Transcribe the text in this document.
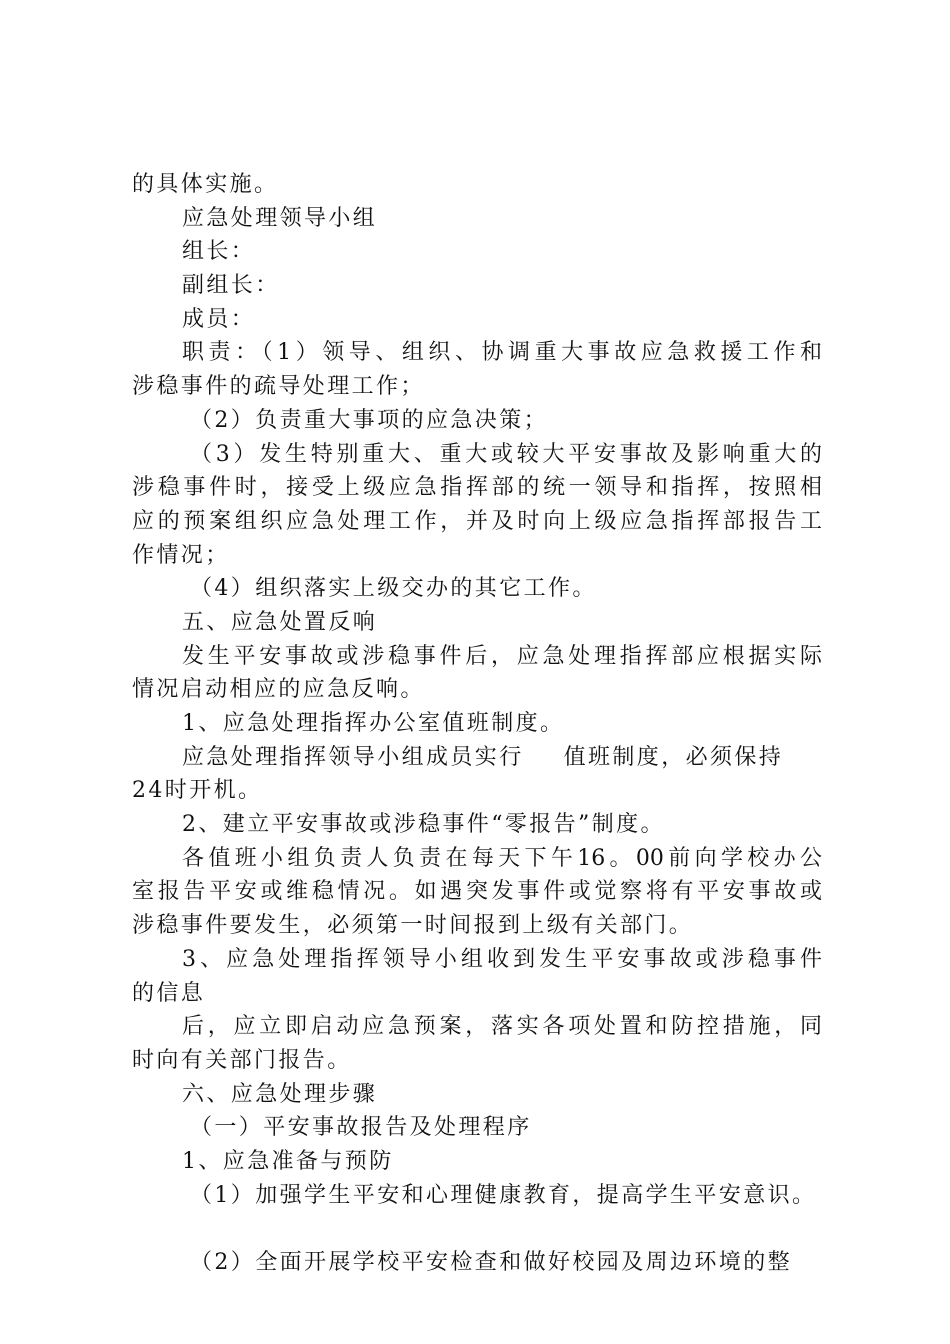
的具体实施。
应急处理领导小组
组长：
副组长：
成员：
职责：（1）领导、组织、协调重大事故应急救援工作和
涉稳事件的疏导处理工作；
（2）负责重大事项的应急决策；
（3）发生特别重大、重大或较大平安事故及影响重大的
涉稳事件时，接受上级应急指挥部的统一领导和指挥，按照相
应的预案组织应急处理工作，并及时向上级应急指挥部报告工
作情况；
（4）组织落实上级交办的其它工作。
五、应急处置反响
发生平安事故或涉稳事件后，应急处理指挥部应根据实际
情况启动相应的应急反响。
1、应急处理指挥办公室值班制度。
应急处理指挥领导小组成员实行 值班制度，必须保持
24时开机。
2、建立平安事故或涉稳事件“零报告”制度。
各值班小组负责人负责在每天下午16。00前向学校办公
室报告平安或维稳情况。如遇突发事件或觉察将有平安事故或
涉稳事件要发生，必须第一时间报到上级有关部门。
3、应急处理指挥领导小组收到发生平安事故或涉稳事件
的信息
后，应立即启动应急预案，落实各项处置和防控措施，同
时向有关部门报告。
六、应急处理步骤
（一）平安事故报告及处理程序
1、应急准备与预防
（1）加强学生平安和心理健康教育，提高学生平安意识。
（2）全面开展学校平安检查和做好校园及周边环境的整
